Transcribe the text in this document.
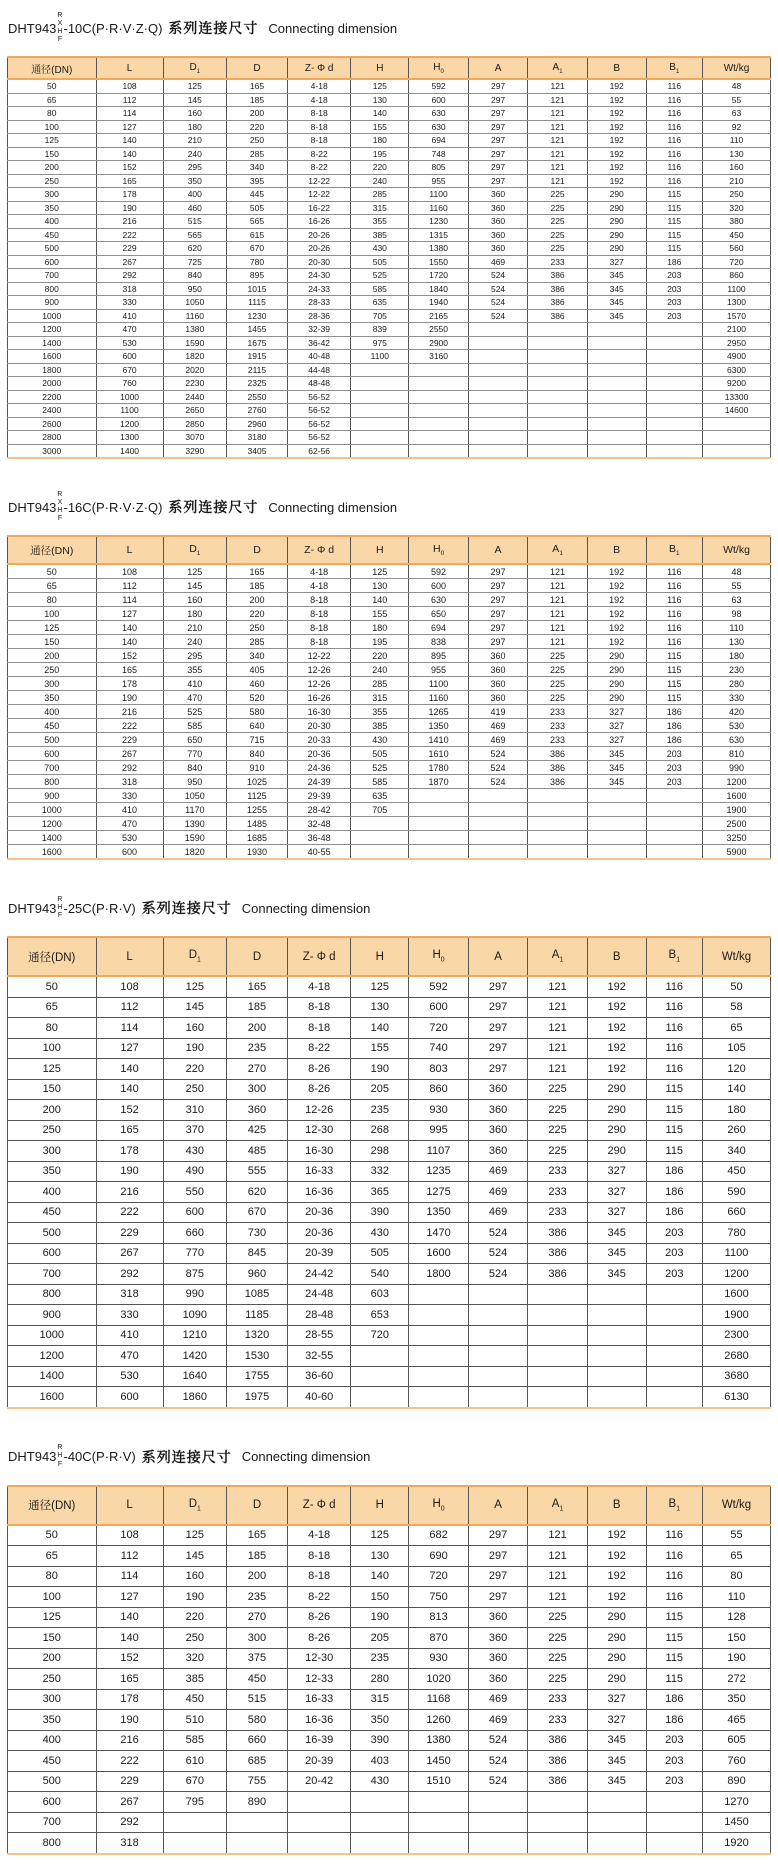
DHT943
R
X
H
F
-10C(P·R·V·Z·Q) 系列连接尺寸 Connecting dimension
通径(DN)	L	$D_1$	D	Z- Φ d	H	$H_0$	A	$A_1$	B	$B_1$	Wt/kg
50	108	125	165	4-18	125	592	297	121	192	116	48
65	112	145	185	4-18	130	600	297	121	192	116	55
80	114	160	200	8-18	140	630	297	121	192	116	63
100	127	180	220	8-18	155	630	297	121	192	116	92
125	140	210	250	8-18	180	694	297	121	192	116	110
150	140	240	285	8-22	195	748	297	121	192	116	130
200	152	295	340	8-22	220	805	297	121	192	116	160
250	165	350	395	12-22	240	955	297	121	192	116	210
300	178	400	445	12-22	285	1100	360	225	290	115	250
350	190	460	505	16-22	315	1160	360	225	290	115	320
400	216	515	565	16-26	355	1230	360	225	290	115	380
450	222	565	615	20-26	385	1315	360	225	290	115	450
500	229	620	670	20-26	430	1380	360	225	290	115	560
600	267	725	780	20-30	505	1550	469	233	327	186	720
700	292	840	895	24-30	525	1720	524	386	345	203	860
800	318	950	1015	24-33	585	1840	524	386	345	203	1100
900	330	1050	1115	28-33	635	1940	524	386	345	203	1300
1000	410	1160	1230	28-36	705	2165	524	386	345	203	1570
1200	470	1380	1455	32-39	839	2550					2100
1400	530	1590	1675	36-42	975	2900					2950
1600	600	1820	1915	40-48	1100	3160					4900
1800	670	2020	2115	44-48							6300
2000	760	2230	2325	48-48							9200
2200	1000	2440	2550	56-52							13300
2400	1100	2650	2760	56-52							14600
2600	1200	2850	2960	56-52							
2800	1300	3070	3180	56-52							
3000	1400	3290	3405	62-56							
DHT943
R
X
H
F
-16C(P·R·V·Z·Q) 系列连接尺寸 Connecting dimension
通径(DN)	L	$D_1$	D	Z- Φ d	H	$H_0$	A	$A_1$	B	$B_1$	Wt/kg
50	108	125	165	4-18	125	592	297	121	192	116	48
65	112	145	185	4-18	130	600	297	121	192	116	55
80	114	160	200	8-18	140	630	297	121	192	116	63
100	127	180	220	8-18	155	650	297	121	192	116	98
125	140	210	250	8-18	180	694	297	121	192	116	110
150	140	240	285	8-18	195	838	297	121	192	116	130
200	152	295	340	12-22	220	895	360	225	290	115	180
250	165	355	405	12-26	240	955	360	225	290	115	230
300	178	410	460	12-26	285	1100	360	225	290	115	280
350	190	470	520	16-26	315	1160	360	225	290	115	330
400	216	525	580	16-30	355	1265	419	233	327	186	420
450	222	585	640	20-30	385	1350	469	233	327	186	530
500	229	650	715	20-33	430	1410	469	233	327	186	630
600	267	770	840	20-36	505	1610	524	386	345	203	810
700	292	840	910	24-36	525	1780	524	386	345	203	990
800	318	950	1025	24-39	585	1870	524	386	345	203	1200
900	330	1050	1125	29-39	635						1600
1000	410	1170	1255	28-42	705						1900
1200	470	1390	1485	32-48							2500
1400	530	1590	1685	36-48							3250
1600	600	1820	1930	40-55							5900
DHT943
R
H
F
-25C(P·R·V) 系列连接尺寸 Connecting dimension
通径(DN)	L	$D_1$	D	Z- Φ d	H	$H_0$	A	$A_1$	B	$B_1$	Wt/kg
50	108	125	165	4-18	125	592	297	121	192	116	50
65	112	145	185	8-18	130	600	297	121	192	116	58
80	114	160	200	8-18	140	720	297	121	192	116	65
100	127	190	235	8-22	155	740	297	121	192	116	105
125	140	220	270	8-26	190	803	297	121	192	116	120
150	140	250	300	8-26	205	860	360	225	290	115	140
200	152	310	360	12-26	235	930	360	225	290	115	180
250	165	370	425	12-30	268	995	360	225	290	115	260
300	178	430	485	16-30	298	1107	360	225	290	115	340
350	190	490	555	16-33	332	1235	469	233	327	186	450
400	216	550	620	16-36	365	1275	469	233	327	186	590
450	222	600	670	20-36	390	1350	469	233	327	186	660
500	229	660	730	20-36	430	1470	524	386	345	203	780
600	267	770	845	20-39	505	1600	524	386	345	203	1100
700	292	875	960	24-42	540	1800	524	386	345	203	1200
800	318	990	1085	24-48	603						1600
900	330	1090	1185	28-48	653						1900
1000	410	1210	1320	28-55	720						2300
1200	470	1420	1530	32-55							2680
1400	530	1640	1755	36-60							3680
1600	600	1860	1975	40-60							6130
DHT943
R
H
F
-40C(P·R·V) 系列连接尺寸 Connecting dimension
通径(DN)	L	$D_1$	D	Z- Φ d	H	$H_0$	A	$A_1$	B	$B_1$	Wt/kg
50	108	125	165	4-18	125	682	297	121	192	116	55
65	112	145	185	8-18	130	690	297	121	192	116	65
80	114	160	200	8-18	140	720	297	121	192	116	80
100	127	190	235	8-22	150	750	297	121	192	116	110
125	140	220	270	8-26	190	813	360	225	290	115	128
150	140	250	300	8-26	205	870	360	225	290	115	150
200	152	320	375	12-30	235	930	360	225	290	115	190
250	165	385	450	12-33	280	1020	360	225	290	115	272
300	178	450	515	16-33	315	1168	469	233	327	186	350
350	190	510	580	16-36	350	1260	469	233	327	186	465
400	216	585	660	16-39	390	1380	524	386	345	203	605
450	222	610	685	20-39	403	1450	524	386	345	203	760
500	229	670	755	20-42	430	1510	524	386	345	203	890
600	267	795	890								1270
700	292										1450
800	318										1920
